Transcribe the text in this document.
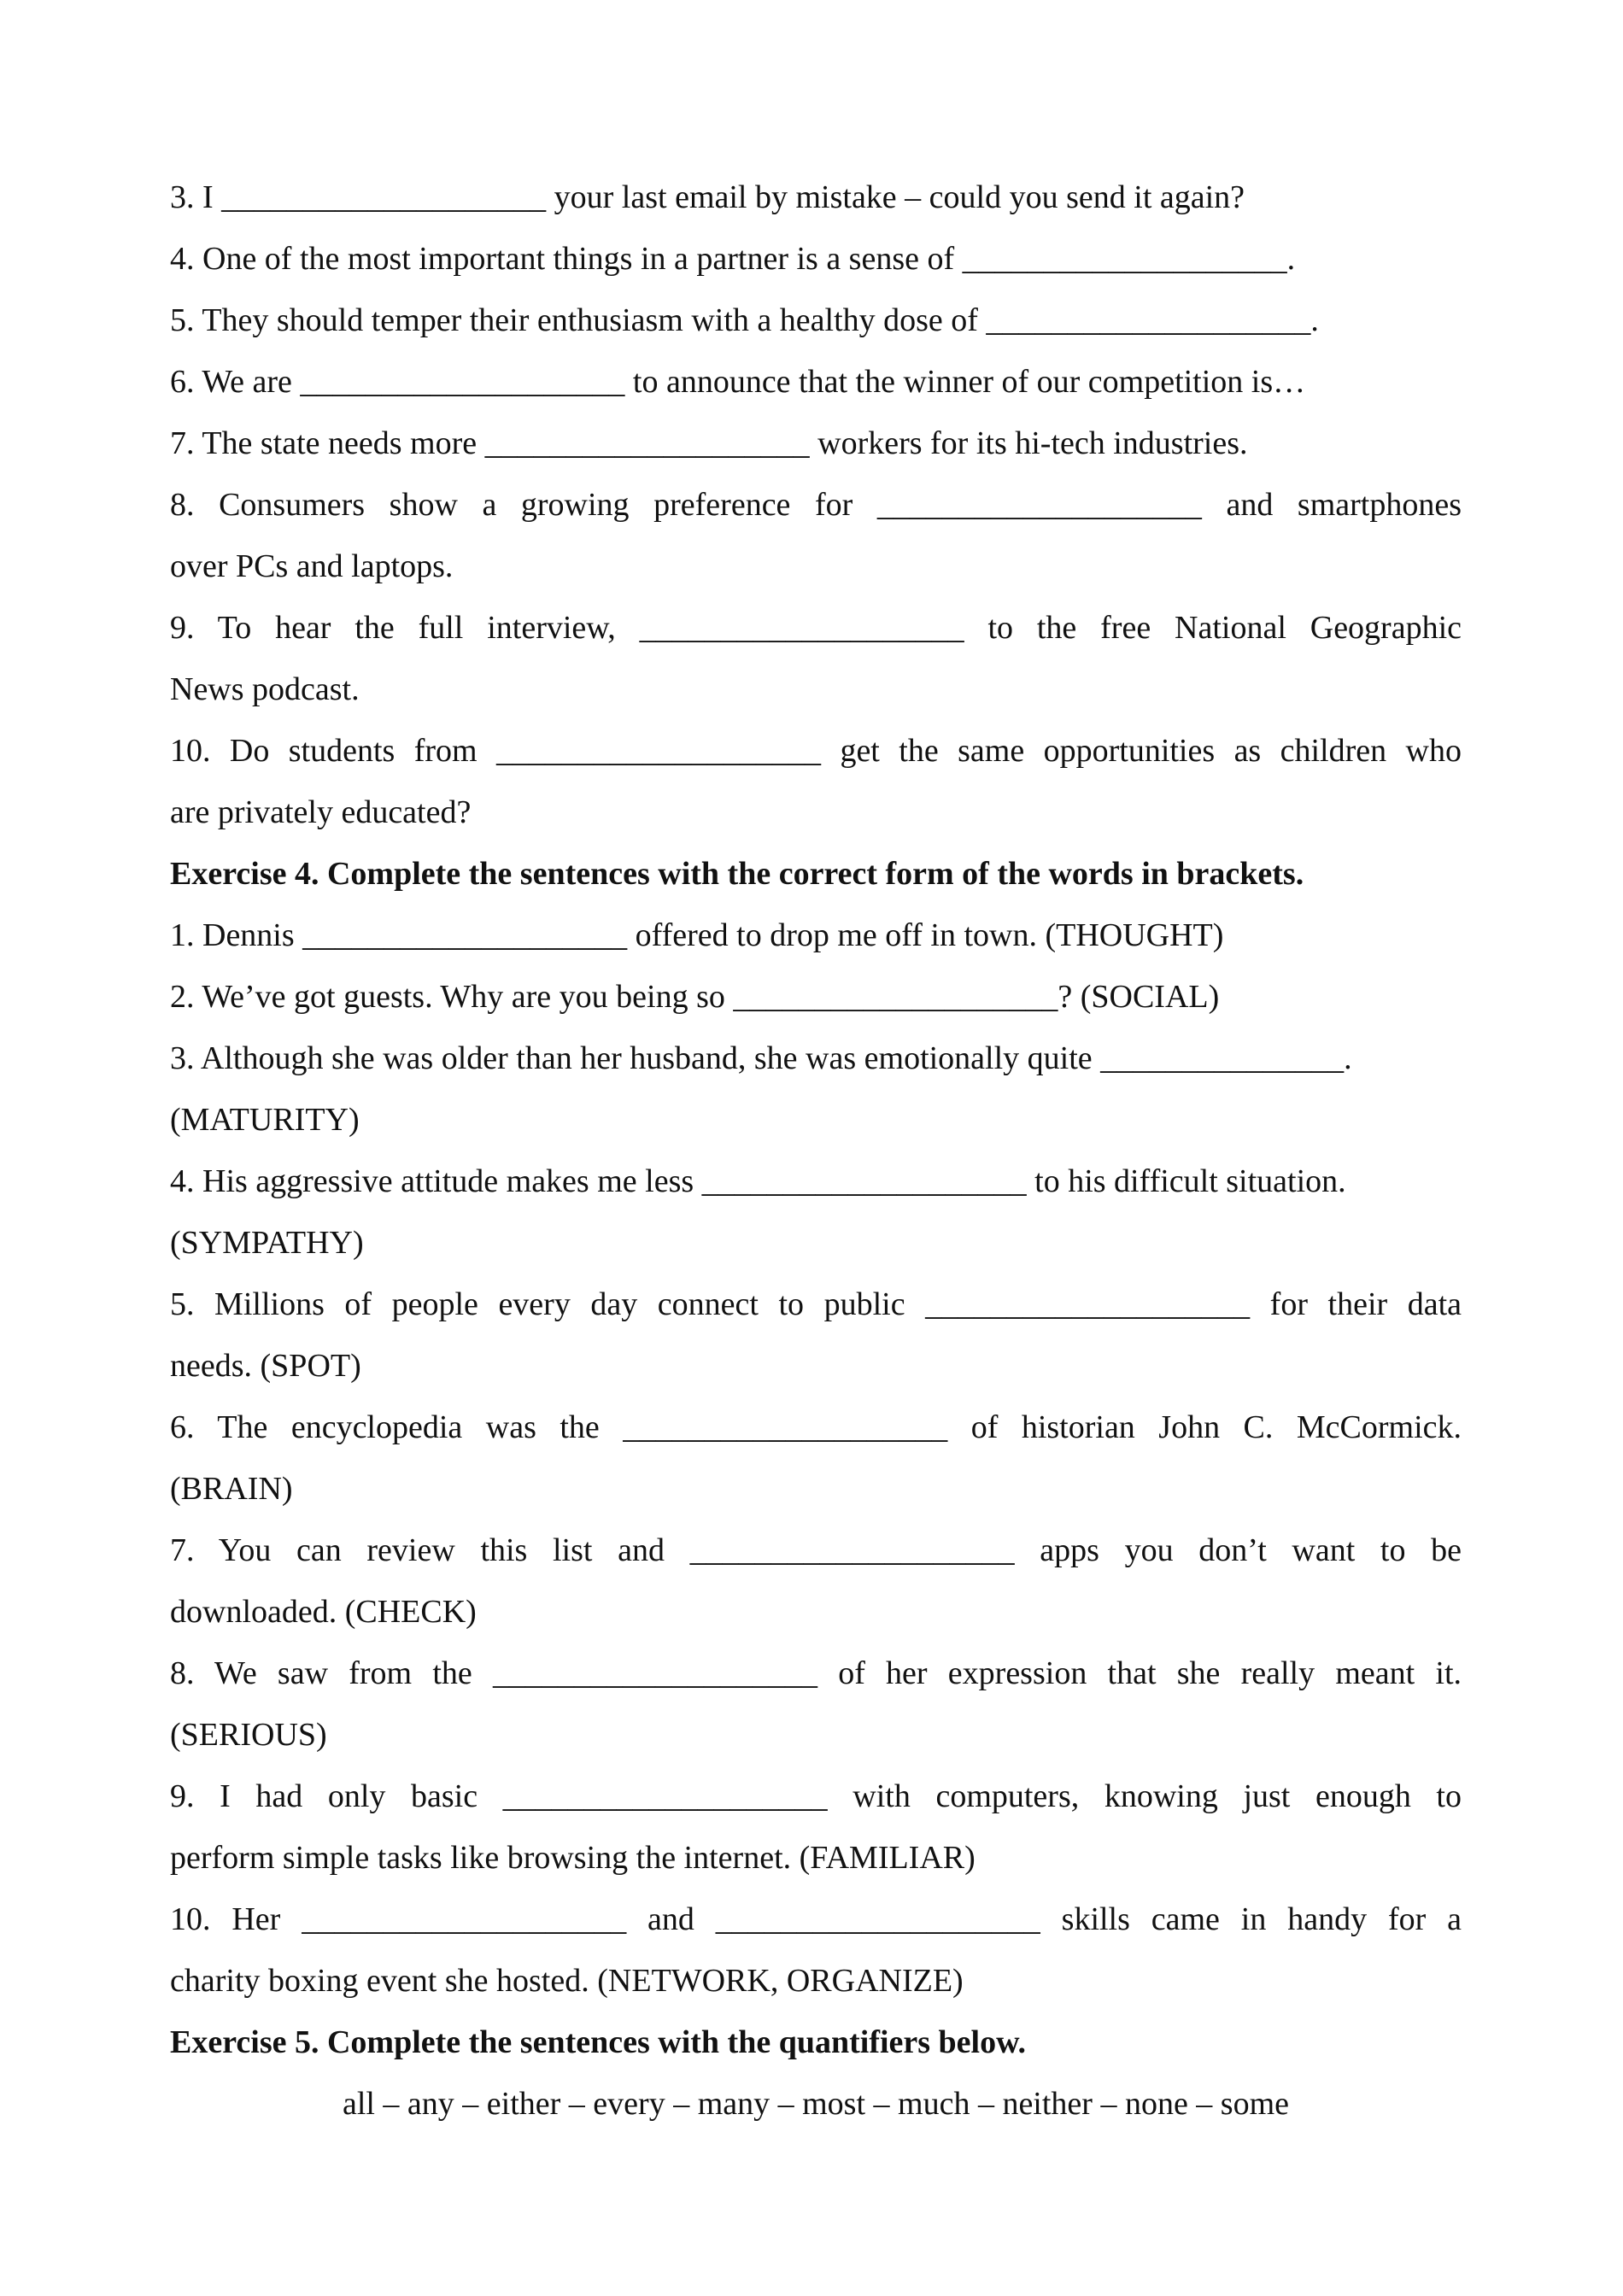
3. I ____________________ your last email by mistake – could you send it again?
4. One of the most important things in a partner is a sense of ____________________.
5. They should temper their enthusiasm with a healthy dose of ____________________.
6. We are ____________________ to announce that the winner of our competition is…
7. The state needs more ____________________ workers for its hi-tech industries.
8. Consumers show a growing preference for ____________________ and smartphones
over PCs and laptops.
9. To hear the full interview, ____________________ to the free National Geographic
News podcast.
10. Do students from ____________________ get the same opportunities as children who
are privately educated?
Exercise 4. Complete the sentences with the correct form of the words in brackets.
1. Dennis ____________________ offered to drop me off in town. (THOUGHT)
2. We’ve got guests. Why are you being so ____________________? (SOCIAL)
3. Although she was older than her husband, she was emotionally quite _______________.
(MATURITY)
4. His aggressive attitude makes me less ____________________ to his difficult situation.
(SYMPATHY)
5. Millions of people every day connect to public ____________________ for their data
needs. (SPOT)
6. The encyclopedia was the ____________________ of historian John C. McCormick.
(BRAIN)
7. You can review this list and ____________________ apps you don’t want to be
downloaded. (CHECK)
8. We saw from the ____________________ of her expression that she really meant it.
(SERIOUS)
9. I had only basic ____________________ with computers, knowing just enough to
perform simple tasks like browsing the internet. (FAMILIAR)
10. Her ____________________ and ____________________ skills came in handy for a
charity boxing event she hosted. (NETWORK, ORGANIZE)
Exercise 5. Complete the sentences with the quantifiers below.
all – any – either – every – many – most – much – neither – none – some
